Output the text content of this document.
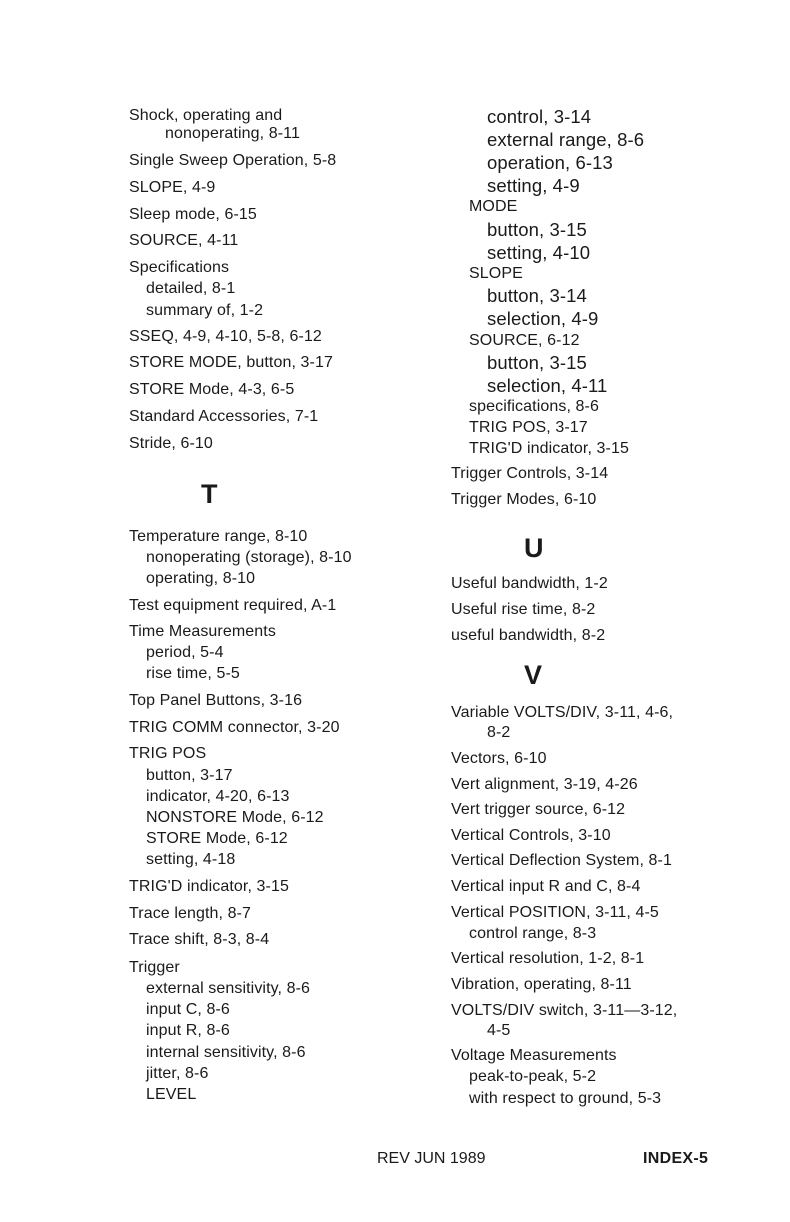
Shock, operating and
nonoperating, 8-11
Single Sweep Operation, 5-8
SLOPE, 4-9
Sleep mode, 6-15
SOURCE, 4-11
Specifications
detailed, 8-1
summary of, 1-2
SSEQ, 4-9, 4-10, 5-8, 6-12
STORE MODE, button, 3-17
STORE Mode, 4-3, 6-5
Standard Accessories, 7-1
Stride, 6-10
T
Temperature range, 8-10
nonoperating (storage), 8-10
operating, 8-10
Test equipment required, A-1
Time Measurements
period, 5-4
rise time, 5-5
Top Panel Buttons, 3-16
TRIG COMM connector, 3-20
TRIG POS
button, 3-17
indicator, 4-20, 6-13
NONSTORE Mode, 6-12
STORE Mode, 6-12
setting, 4-18
TRIG'D indicator, 3-15
Trace length, 8-7
Trace shift, 8-3, 8-4
Trigger
external sensitivity, 8-6
input C, 8-6
input R, 8-6
internal sensitivity, 8-6
jitter, 8-6
LEVEL
control, 3-14
external range, 8-6
operation, 6-13
setting, 4-9
MODE
button, 3-15
setting, 4-10
SLOPE
button, 3-14
selection, 4-9
SOURCE, 6-12
button, 3-15
selection, 4-11
specifications, 8-6
TRIG POS, 3-17
TRIG'D indicator, 3-15
Trigger Controls, 3-14
Trigger Modes, 6-10
U
Useful bandwidth, 1-2
Useful rise time, 8-2
useful bandwidth, 8-2
V
Variable VOLTS/DIV, 3-11, 4-6,
8-2
Vectors, 6-10
Vert alignment, 3-19, 4-26
Vert trigger source, 6-12
Vertical Controls, 3-10
Vertical Deflection System, 8-1
Vertical input R and C, 8-4
Vertical POSITION, 3-11, 4-5
control range, 8-3
Vertical resolution, 1-2, 8-1
Vibration, operating, 8-11
VOLTS/DIV switch, 3-11—3-12,
4-5
Voltage Measurements
peak-to-peak, 5-2
with respect to ground, 5-3
REV JUN 1989	INDEX-5
